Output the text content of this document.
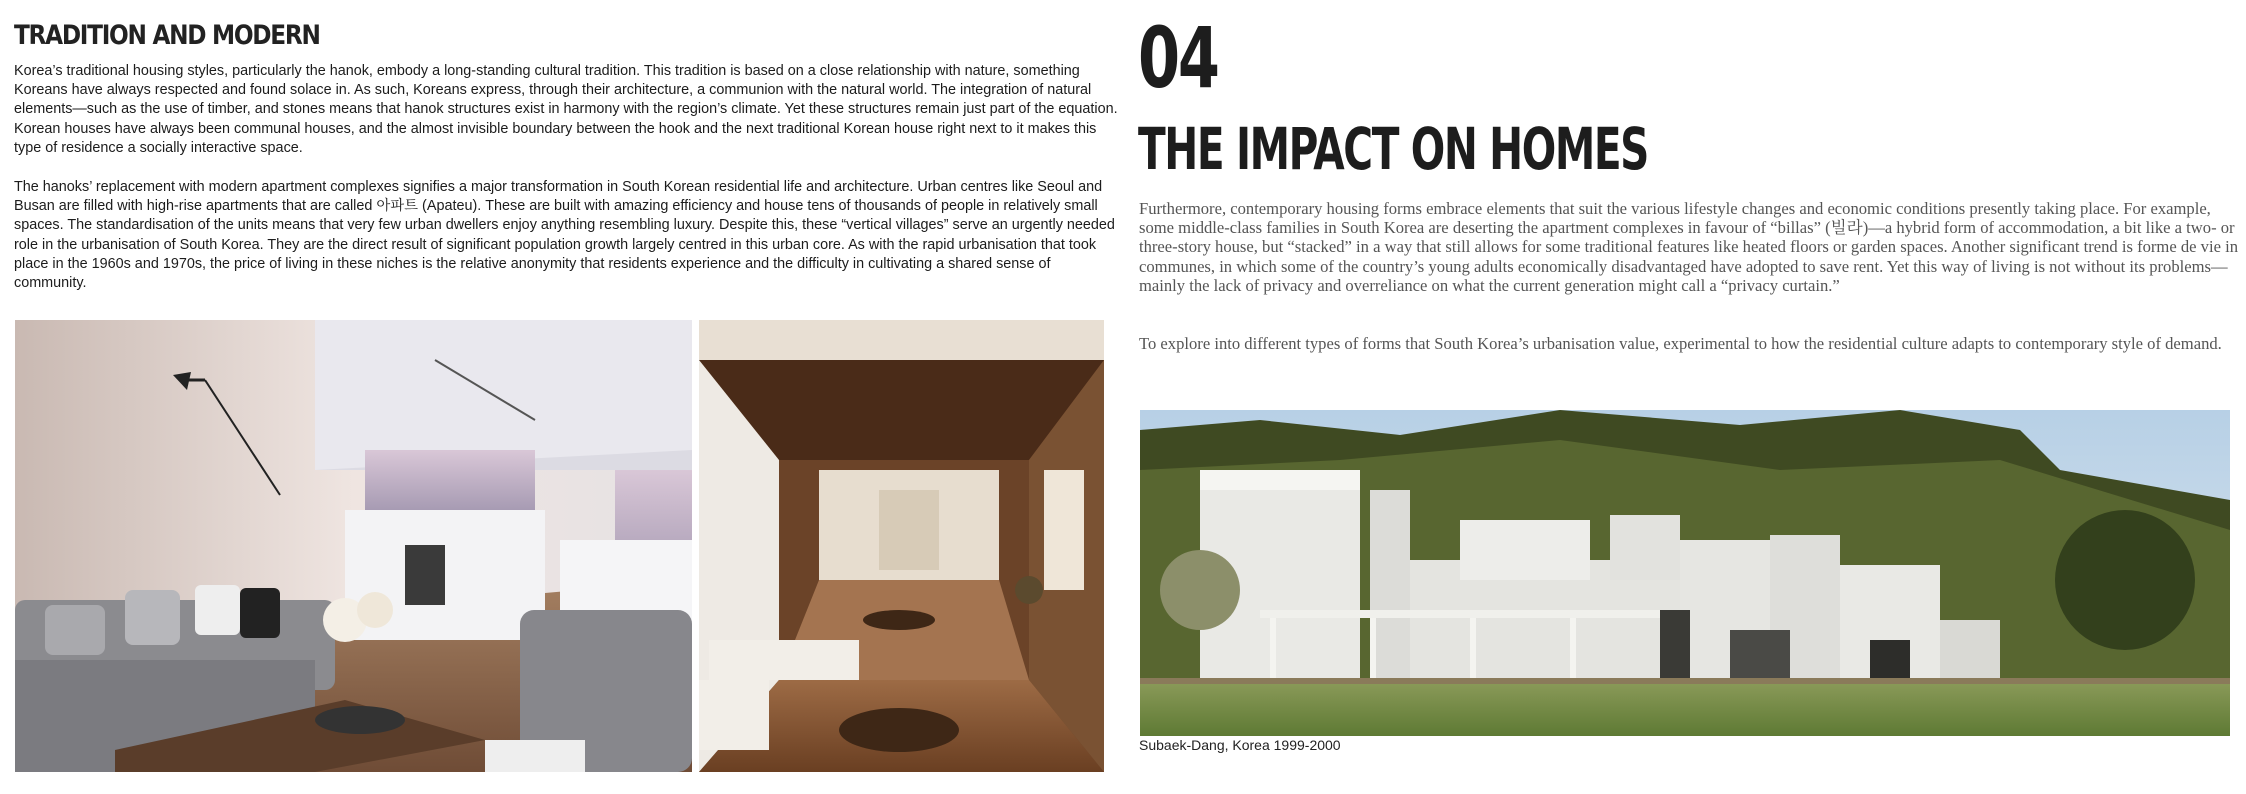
TRADITION AND MODERN

Korea’s traditional housing styles, particularly the hanok, embody a long-standing cultural tradition. This tradition is based on a close relationship with nature, something Koreans have always respected and found solace in. As such, Koreans express, through their architecture, a communion with the natural world. The integration of natural elements—such as the use of timber, and stones means that hanok structures exist in harmony with the region’s climate. Yet these structures remain just part of the equation. Korean houses have always been communal houses, and the almost invisible boundary between the hook and the next traditional Korean house right next to it makes this type of residence a socially interactive space.

The hanoks’ replacement with modern apartment complexes signifies a major transformation in South Korean residential life and architecture. Urban centres like Seoul and Busan are filled with high-rise apartments that are called 아파트 (Apateu). These are built with amazing efficiency and house tens of thousands of people in relatively small spaces. The standardisation of the units means that very few urban dwellers enjoy anything resembling luxury. Despite this, these “vertical villages” serve an urgently needed role in the urbanisation of South Korea. They are the direct result of significant population growth largely centred in this urban core. As with the rapid urbanisation that took place in the 1960s and 1970s, the price of living in these niches is the relative anonymity that residents experience and the difficulty in cultivating a shared sense of community.

04
THE IMPACT ON HOMES

Furthermore, contemporary housing forms embrace elements that suit the various lifestyle changes and economic conditions presently taking place. For example, some middle-class families in South Korea are deserting the apartment complexes in favour of “billas” (빌라)—a hybrid form of accommodation, a bit like a two- or three-story house, but “stacked” in a way that still allows for some traditional features like heated floors or garden spaces. Another significant trend is forme de vie in communes, in which some of the country’s young adults economically disadvantaged have adopted to save rent. Yet this way of living is not without its problems—mainly the lack of privacy and overreliance on what the current generation might call a “privacy curtain.”

To explore into different types of forms that South Korea’s urbanisation value, experimental to how the residential culture adapts to contemporary style of demand.

Subaek-Dang, Korea 1999-2000
